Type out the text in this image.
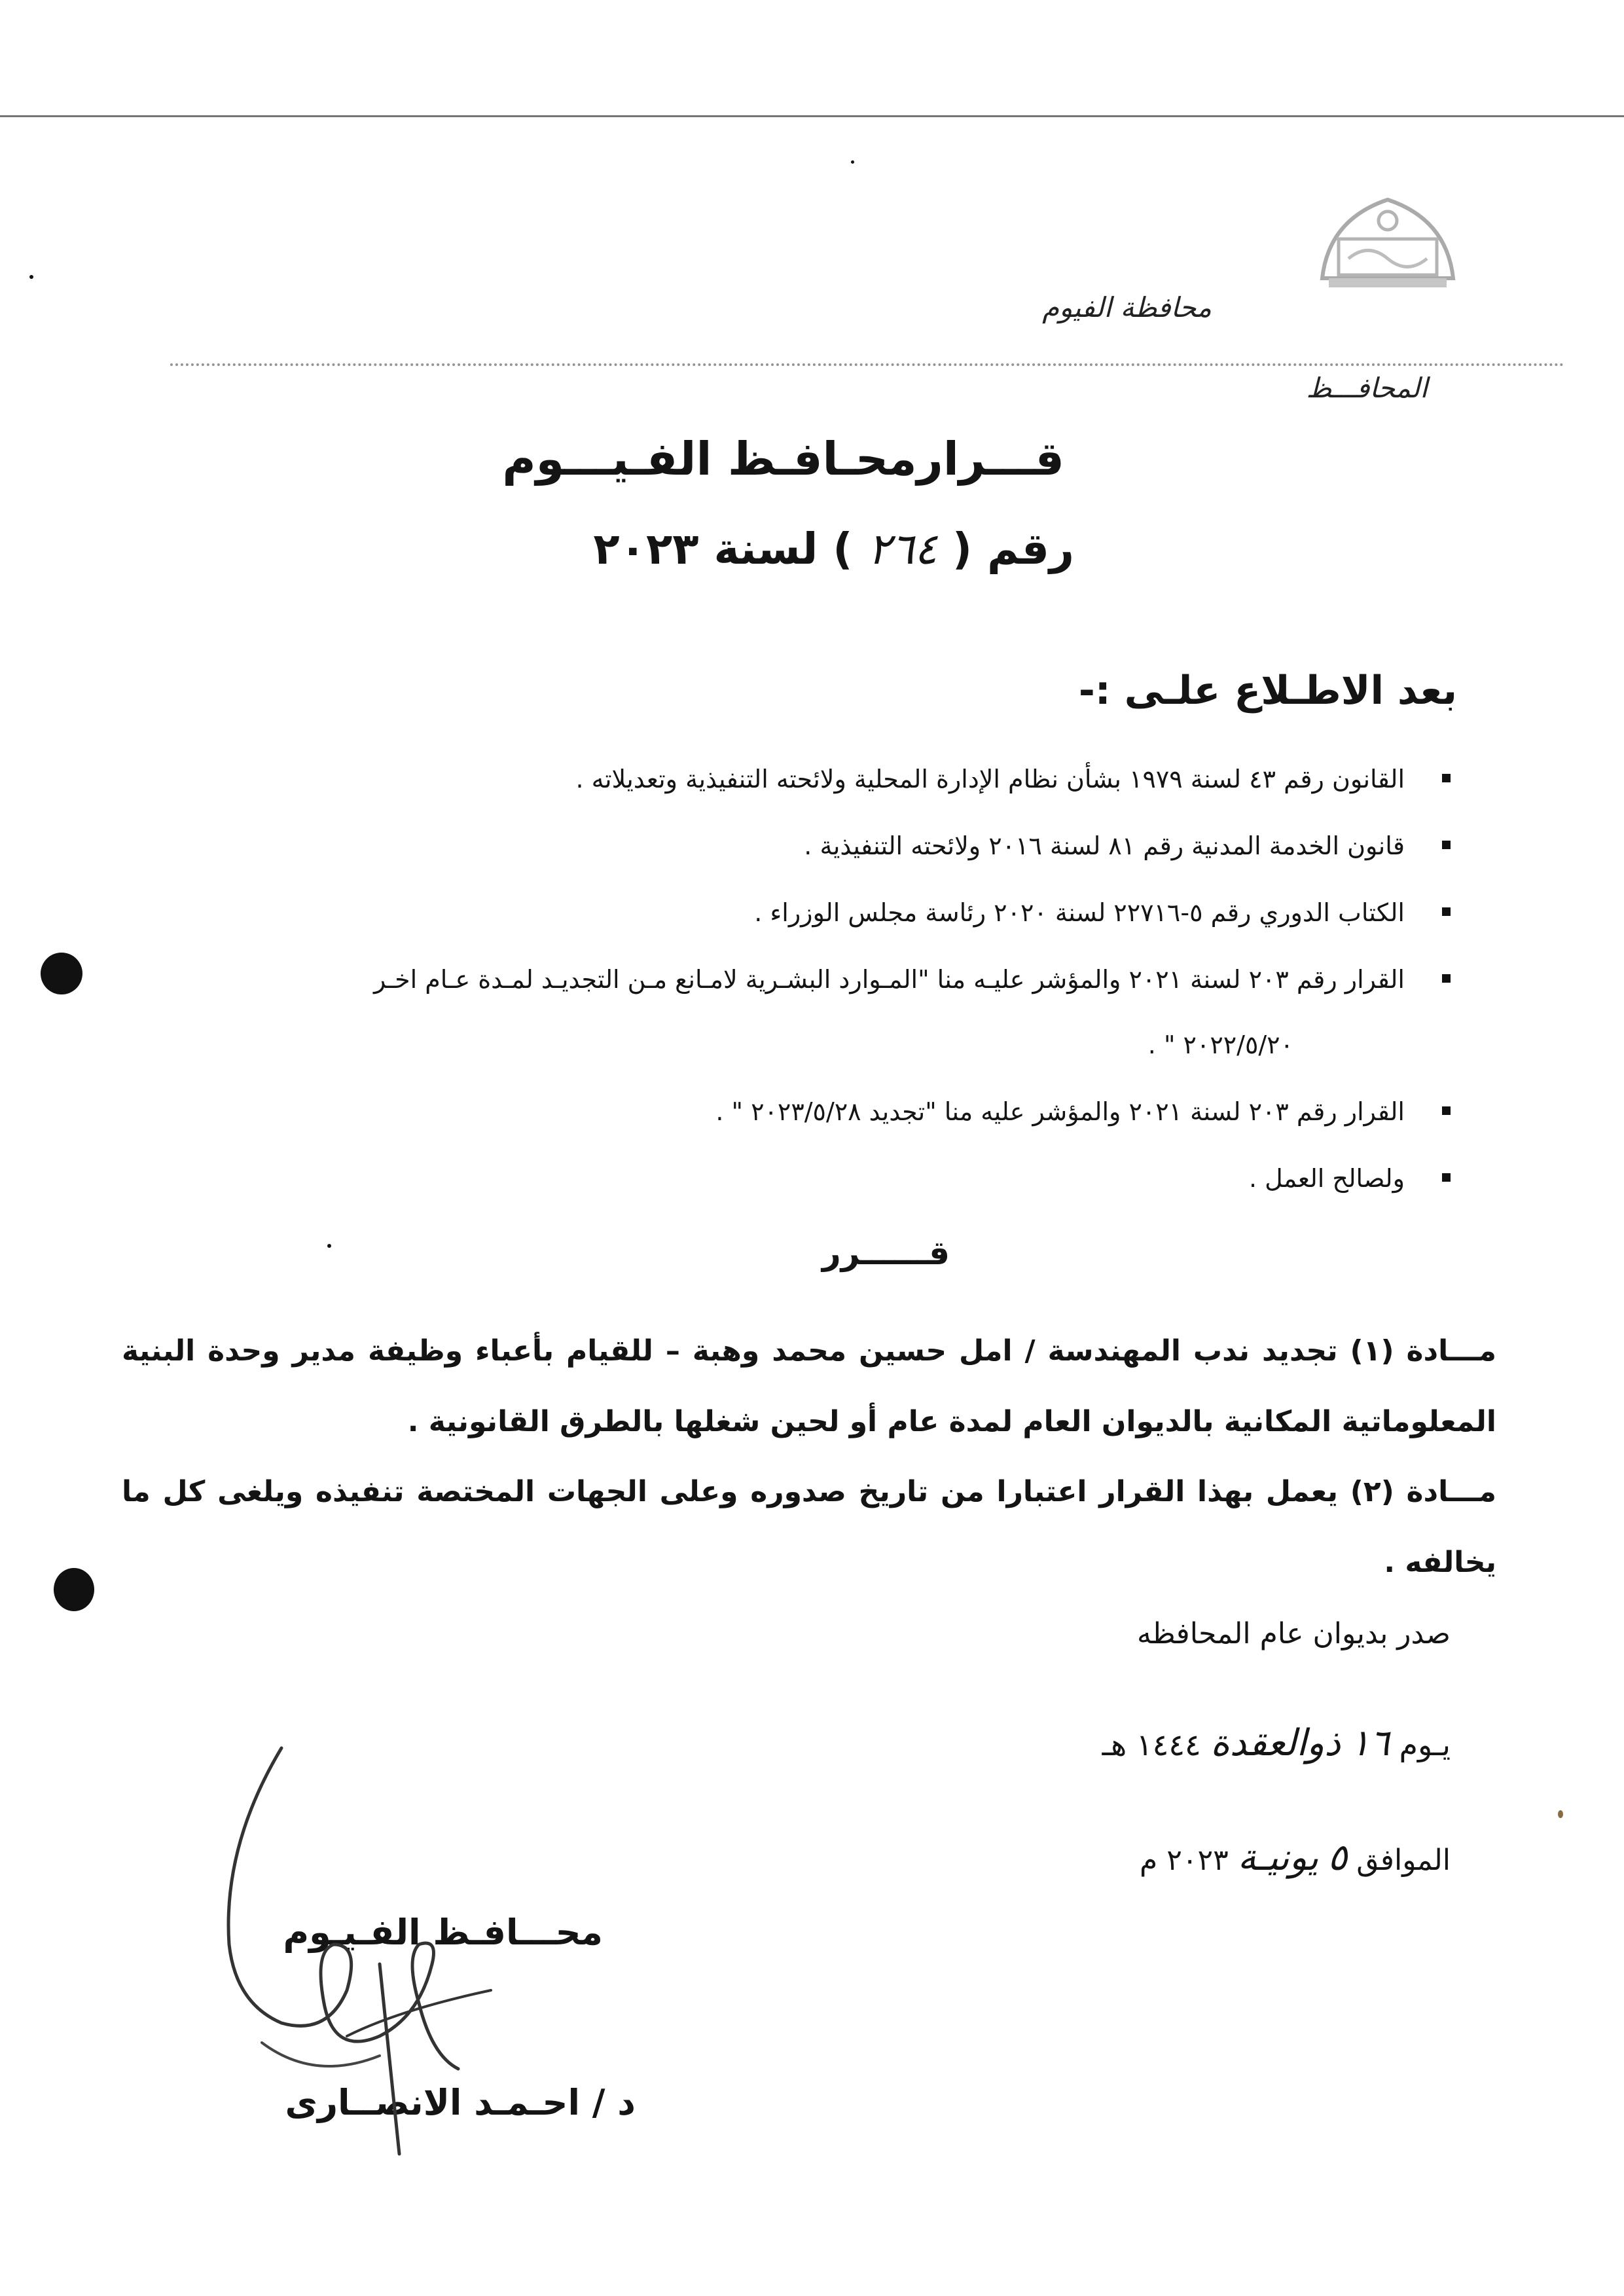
محافظة الفيوم
المحافـــظ
قـــرارمحـافـظ الفـيـــوم
رقم ( ٢٦٤ ) لسنة ٢٠٢٣
بعد الاطـلاع علـى :-
القانون رقم ٤٣ لسنة ١٩٧٩ بشأن نظام الإدارة المحلية ولائحته التنفيذية وتعديلاته .
قانون الخدمة المدنية رقم ٨١ لسنة ٢٠١٦ ولائحته التنفيذية .
الكتاب الدوري رقم ٥-٢٢٧١٦ لسنة ٢٠٢٠ رئاسة مجلس الوزراء .
القرار رقم ٢٠٣ لسنة ٢٠٢١ والمؤشر عليـه منا "المـوارد البشـرية لامـانع مـن التجديـد لمـدة عـام اخـر
٢٠٢٢/٥/٢٠ " .
القرار رقم ٢٠٣ لسنة ٢٠٢١ والمؤشر عليه منا "تجديد ٢٠٢٣/٥/٢٨ " .
ولصالح العمل .
قــــــرر
مـــادة (١) تجديد ندب المهندسة / امل حسين محمد وهبة – للقيام بأعباء وظيفة مدير وحدة البنية المعلوماتية المكانية بالديوان العام لمدة عام أو لحين شغلها بالطرق القانونية .
مـــادة (٢) يعمل بهذا القرار اعتبارا من تاريخ صدوره وعلى الجهات المختصة تنفيذه ويلغى كل ما يخالفه .
صدر بديوان عام المحافظه
يـوم ١٦ ذوالعقدة ١٤٤٤ هـ
الموافق ٥ يونيـة ٢٠٢٣ م
محـــافـظ الفـيـوم
د / احـمـد الانصــارى
